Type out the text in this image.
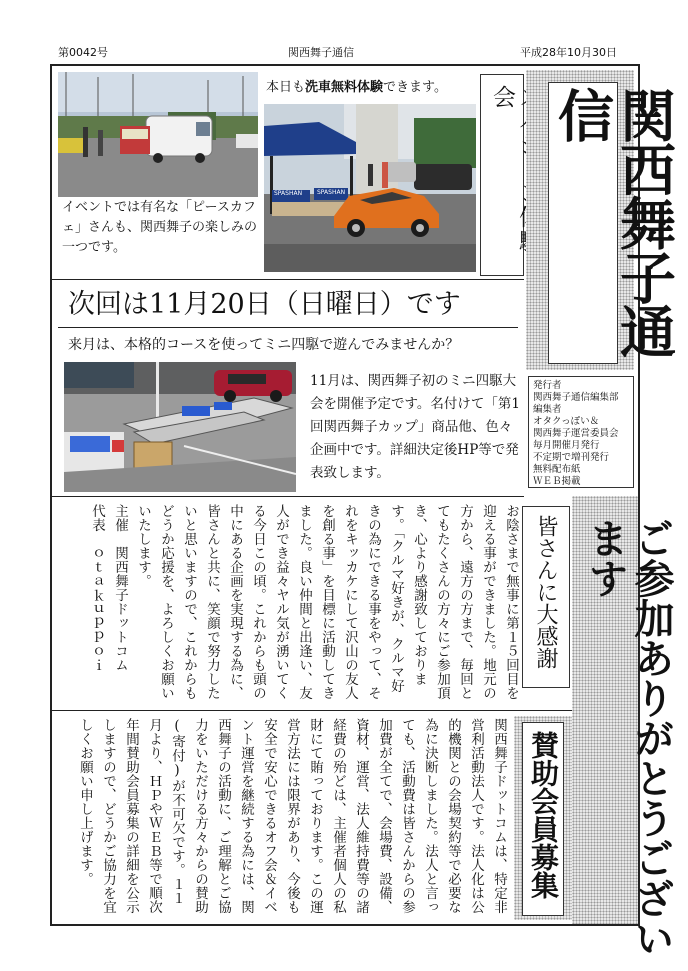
第0042号	関西舞子通信	平成28年10月30日
イベントでは有名な「ピースカフェ」さんも、関西舞子の楽しみの一つです。
本日も洗車無料体験できます。
SPASHAN SPASHAN
会	関西舞子通信
発行者
関西舞子通信編集部
編集者
オタクっぽい＆
関西舞子運営委員会
毎月開催月発行
不定期で増刊発行
無料配布紙
ＷＥＢ掲載
次回は11月20日（日曜日）です
来月は、本格的コースを使ってミニ四駆で遊んでみませんか？
11月は、関西舞子初のミニ四駆大会を開催予定です。名付けて「第1回関西舞子カップ」商品他、色々企画中です。詳細決定後HP等で発表致します。
お陰さまで無事に第１５回目を迎える事ができました。地元の方から、遠方の方まで、毎回とてもたくさんの方々にご参加頂き、心より感謝致しております。「クルマ好きが、クルマ好きの為にできる事をやって、それをキッカケにして沢山の友人を創る事」を目標に活動してきました。良い仲間と出逢い、友人ができ益々ヤル気が湧いてくる今日この頃。これからも頭の中にある企画を実現する為に、皆さんと共に、笑顔で努力したいと思いますので、これからもどうか応援を、よろしくお願いいたします。
主催　関西舞子ドットコム
代表　ｏｔａｋｕｐｐｏｉ	皆さんに大感謝	ご参加ありがとうございます
関西舞子ドットコムは、特定非営利活動法人です。法人化は公的機関との会場契約等で必要な為に決断しました。法人と言っても、活動費は皆さんからの参加費が全てで、会場費、設備、資材、運営、法人維持費等の諸経費の殆どは、主催者個人の私財にて賄っております。この運営方法には限界があり、今後も安全で安心できるオフ会＆イベント運営を継続する為には、関西舞子の活動に、ご理解とご協力をいただける方々からの賛助(寄付)が不可欠です。１１月より、ＨＰやＷＥＢ等で順次年間賛助会員募集の詳細を公示しますので、どうかご協力を宜しくお願い申し上げます。	賛助会員募集
